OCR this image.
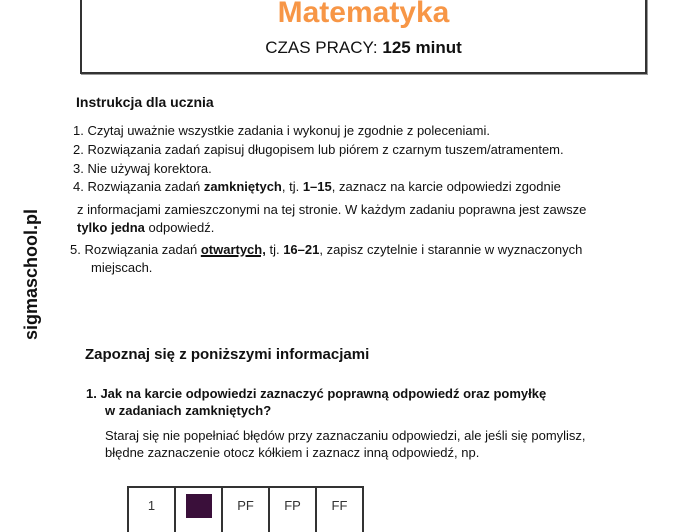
Matematyka
CZAS PRACY: 125 minut
sigmaschool.pl
Instrukcja dla ucznia
1. Czytaj uważnie wszystkie zadania i wykonuj je zgodnie z poleceniami.
2. Rozwiązania zadań zapisuj długopisem lub piórem z czarnym tuszem/atramentem.
3. Nie używaj korektora.
4. Rozwiązania zadań zamkniętych, tj. 1–15, zaznacz na karcie odpowiedzi zgodnie
z informacjami zamieszczonymi na tej stronie. W każdym zadaniu poprawna jest zawsze
tylko jedna odpowiedź.
5. Rozwiązania zadań otwartych, tj. 16–21, zapisz czytelnie i starannie w wyznaczonych
miejscach.
Zapoznaj się z poniższymi informacjami
1. Jak na karcie odpowiedzi zaznaczyć poprawną odpowiedź oraz pomyłkę
w zadaniach zamkniętych?
Staraj się nie popełniać błędów przy zaznaczaniu odpowiedzi, ale jeśli się pomylisz,
błędne zaznaczenie otocz kółkiem i zaznacz inną odpowiedź, np.
1	PF FP FF
